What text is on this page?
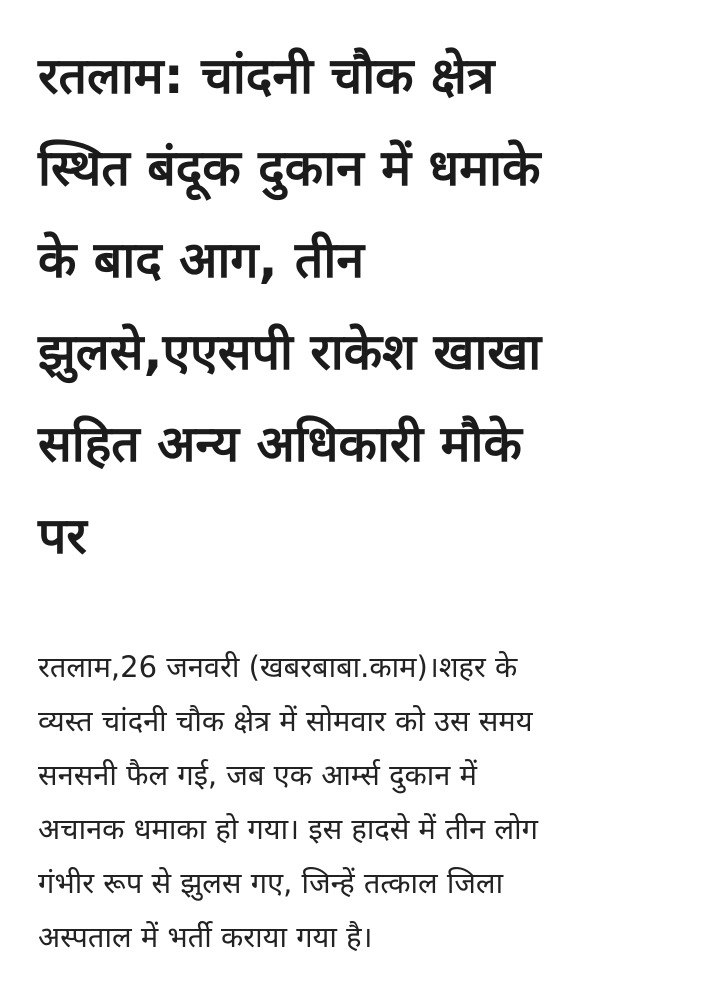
रतलाम: चांदनी चौक क्षेत्र
स्थित बंदूक दुकान में धमाके
के बाद आग, तीन
झुलसे,एएसपी राकेश खाखा
सहित अन्य अधिकारी मौके
पर

रतलाम,26 जनवरी (खबरबाबा.काम)।शहर के
व्यस्त चांदनी चौक क्षेत्र में सोमवार को उस समय
सनसनी फैल गई, जब एक आर्म्स दुकान में
अचानक धमाका हो गया। इस हादसे में तीन लोग
गंभीर रूप से झुलस गए, जिन्हें तत्काल जिला
अस्पताल में भर्ती कराया गया है।
